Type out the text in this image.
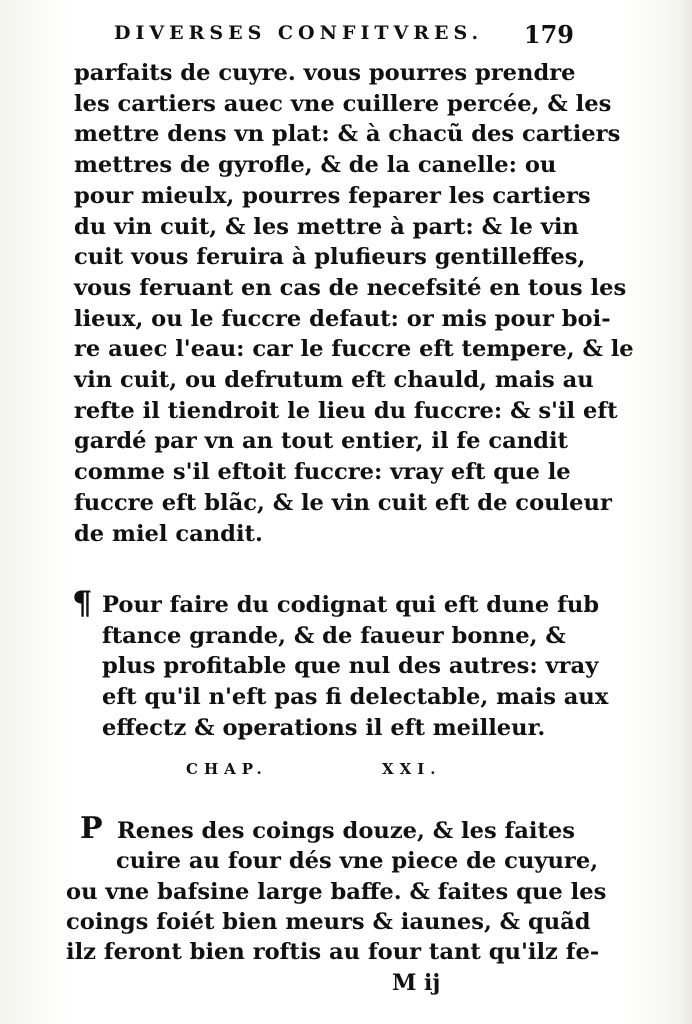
DIVERSES CONFITVRES. 179
parfaits de cuyre. vous pourres prendre
les cartiers auec vne cuillere percée, & les
mettre dens vn plat: & à chacũ des cartiers
mettres de gyrofle, & de la canelle: ou
pour mieulx, pourres feparer les cartiers
du vin cuit, & les mettre à part: & le vin
cuit vous feruira à plufieurs gentilleffes,
vous feruant en cas de necefsité en tous les
lieux, ou le fuccre defaut: or mis pour boi-
re auec l'eau: car le fuccre eft tempere, & le
vin cuit, ou defrutum eft chauld, mais au
refte il tiendroit le lieu du fuccre: & s'il eft
gardé par vn an tout entier, il fe candit
comme s'il eftoit fuccre: vray eft que le
fuccre eft blãc, & le vin cuit eft de couleur
de miel candit.
¶ Pour faire du codignat qui eft dune fub
ftance grande, & de faueur bonne, &
plus profitable que nul des autres: vray
eft qu'il n'eft pas fi delectable, mais aux
effectz & operations il eft meilleur.
CHAP.	XXI.
P Renes des coings douze, & les faites
cuire au four dés vne piece de cuyure,
ou vne bafsine large baffe. & faites que les
coings foiét bien meurs & iaunes, & quãd
ilz feront bien roftis au four tant qu'ilz fe-
M ij
